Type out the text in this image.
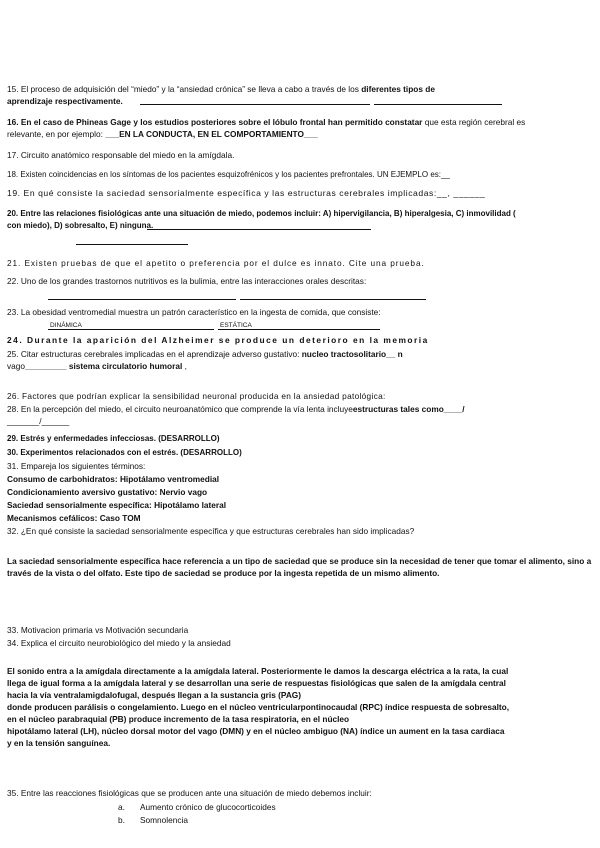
15. El proceso de adquisición del “miedo” y la “ansiedad crónica” se lleva a cabo a través de los diferentes tipos de
aprendizaje respectivamente.
16. En el caso de Phineas Gage y los estudios posteriores sobre el lóbulo frontal han permitido constatar que esta región cerebral es
relevante, en por ejemplo: ___EN LA CONDUCTA, EN EL COMPORTAMIENTO___
17. Circuito anatómico responsable del miedo en la amígdala.
18. Existen coincidencias en los síntomas de los pacientes esquizofrénicos y los pacientes prefrontales. UN EJEMPLO es:__
19. En qué consiste la saciedad sensorialmente específica y las estructuras cerebrales implicadas:__, ______
20. Entre las relaciones fisiológicas ante una situación de miedo, podemos incluir: A) hipervigilancia, B) hiperalgesia, C) inmovilidad (
con miedo), D) sobresalto, E) ninguna.
21. Existen pruebas de que el apetito o preferencia por el dulce es innato. Cite una prueba.
22. Uno de los grandes trastornos nutritivos es la bulimia, entre las interacciones orales descritas:
23. La obesidad ventromedial muestra un patrón característico en la ingesta de comida, que consiste:
DINÁMICA	ESTÁTICA
24. Durante la aparición del Alzheimer se produce un deterioro en la memoria
25. Citar estructuras cerebrales implicadas en el aprendizaje adverso gustativo: nucleo tractosolitario__ n
vago_________ sistema circulatorio humoral ,
26. Factores que podrían explicar la sensibilidad neuronal producida en la ansiedad patológica:
28. En la percepción del miedo, el circuito neuroanatómico que comprende la vía lenta incluyeestructuras tales como____/
_______/______
29. Estrés y enfermedades infecciosas. (DESARROLLO)
30. Experimentos relacionados con el estrés. (DESARROLLO)
31. Empareja los siguientes términos:
Consumo de carbohidratos: Hipotálamo ventromedial
Condicionamiento aversivo gustativo: Nervio vago
Saciedad sensorialmente específica: Hipotálamo lateral
Mecanismos cefálicos: Caso TOM
32. ¿En qué consiste la saciedad sensorialmente específica y que estructuras cerebrales han sido implicadas?
La saciedad sensorialmente específica hace referencia a un tipo de saciedad que se produce sin la necesidad de tener que tomar el alimento, sino a través de la vista o del olfato. Este tipo de saciedad se produce por la ingesta repetida de un mismo alimento.
33. Motivacion primaria vs Motivación secundaria
34. Explica el circuito neurobiológico del miedo y la ansiedad
El sonido entra a la amígdala directamente a la amígdala lateral. Posteriormente le damos la descarga eléctrica a la rata, la cual
llega de igual forma a la amígdala lateral y se desarrollan una serie de respuestas fisiológicas que salen de la amígdala central
hacia la vía ventralamigdalofugal, después llegan a la sustancia gris (PAG)
donde producen parálisis o congelamiento. Luego en el núcleo ventricularpontinocaudal (RPC) índice respuesta de sobresalto,
en el núcleo parabraquial (PB) produce incremento de la tasa respiratoria, en el núcleo
hipotálamo lateral (LH), núcleo dorsal motor del vago (DMN) y en el núcleo ambiguo (NA) índice un aument en la tasa cardiaca
y en la tensión sanguínea.
35. Entre las reacciones fisiológicas que se producen ante una situación de miedo debemos incluir:
a. Aumento crónico de glucocorticoides
b. Somnolencia
